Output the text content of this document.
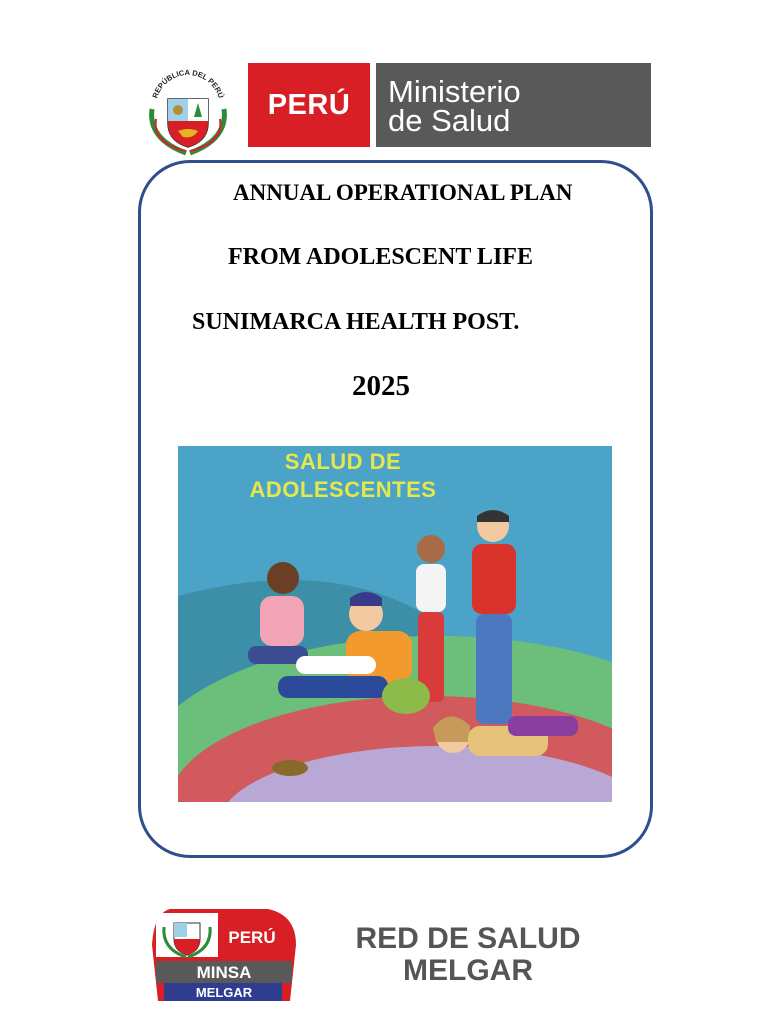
REPÚBLICA DEL PERÚ PERÚ Ministerio
de Salud
ANNUAL OPERATIONAL PLAN
FROM ADOLESCENT LIFE
SUNIMARCA HEALTH POST.
2025
SALUD DE
ADOLESCENTES
PERÚ
MINSA
MELGAR
RED DE SALUD
MELGAR
